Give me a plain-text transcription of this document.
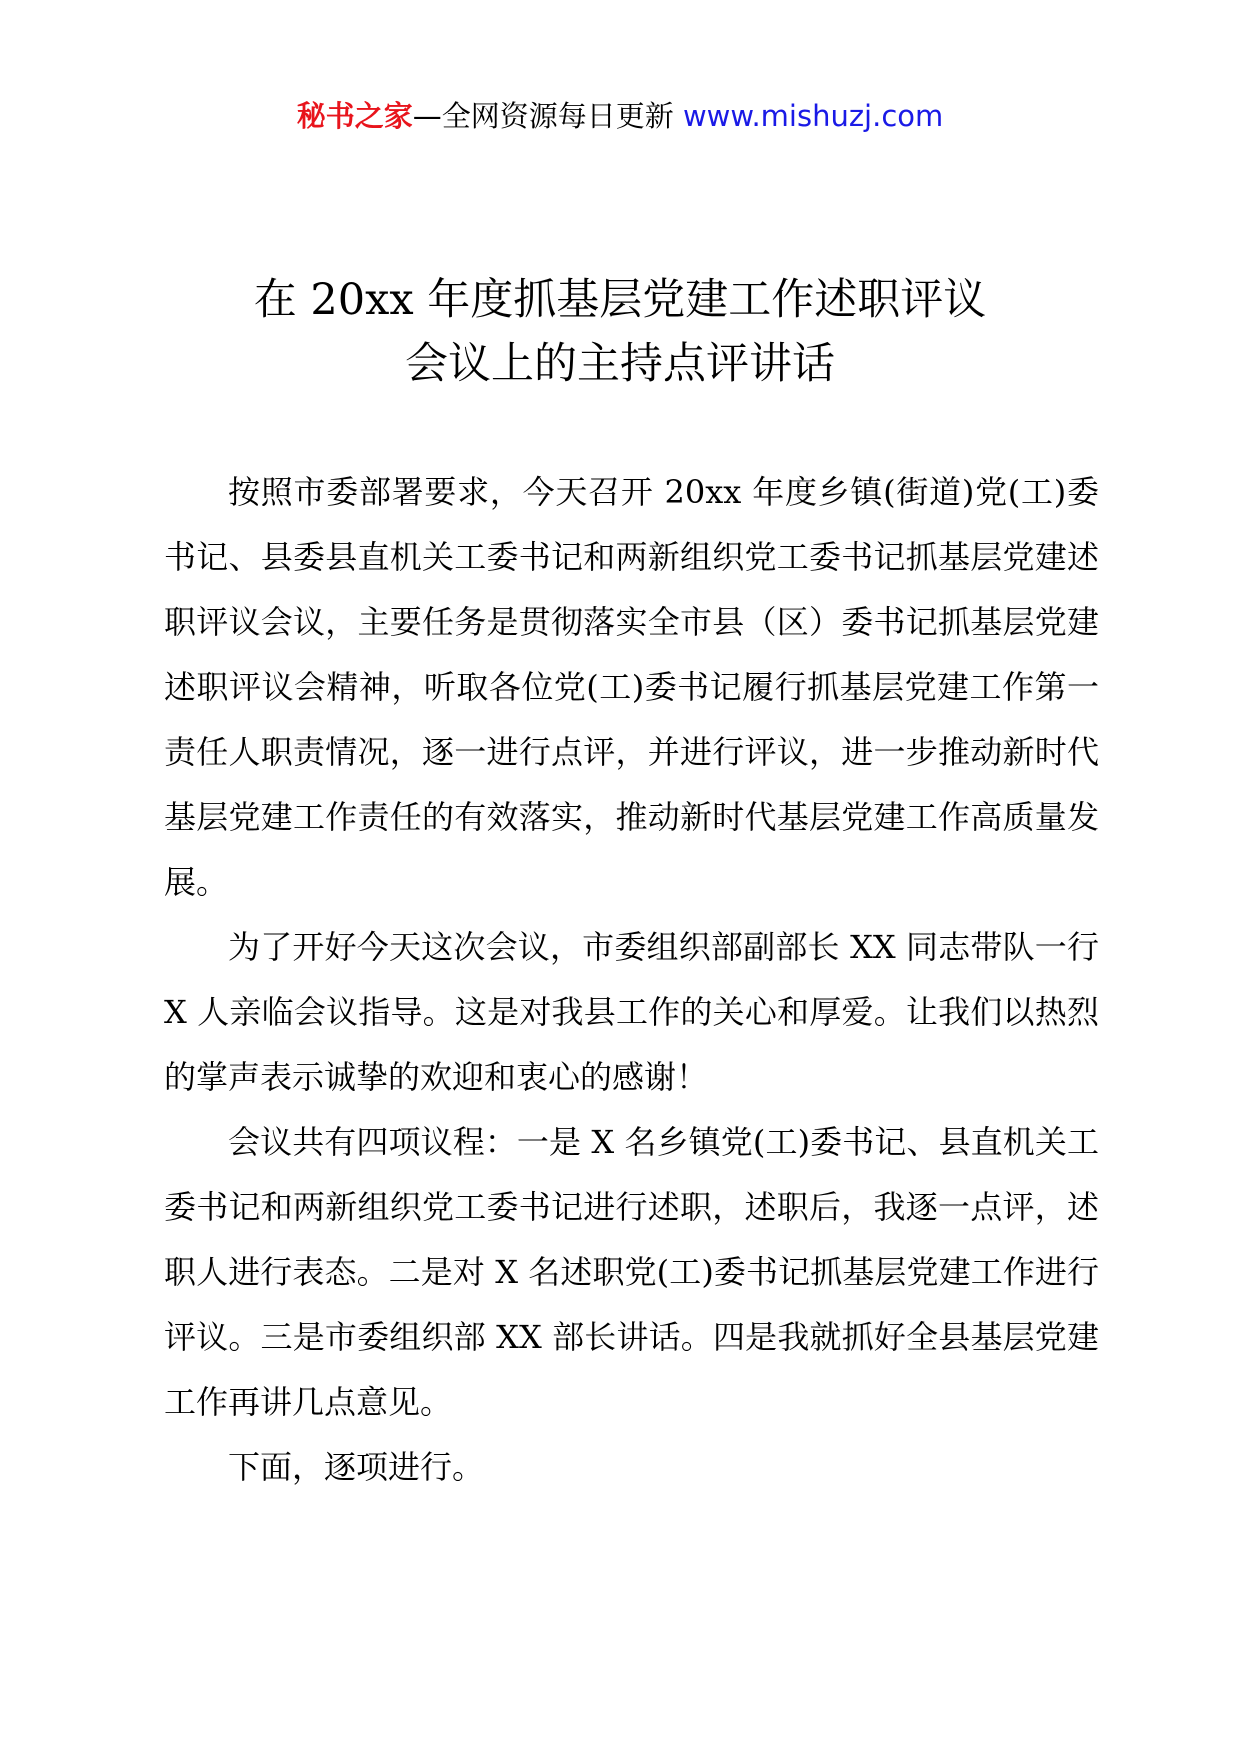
秘书之家—全网资源每日更新 www.mishuzj.com
在 20xx 年度抓基层党建工作述职评议
会议上的主持点评讲话

按照市委部署要求，今天召开 20xx 年度乡镇(街道)党(工)委书记、县委县直机关工委书记和两新组织党工委书记抓基层党建述职评议会议，主要任务是贯彻落实全市县（区）委书记抓基层党建述职评议会精神，听取各位党(工)委书记履行抓基层党建工作第一责任人职责情况，逐一进行点评，并进行评议，进一步推动新时代基层党建工作责任的有效落实，推动新时代基层党建工作高质量发展。

为了开好今天这次会议，市委组织部副部长 XX 同志带队一行 X 人亲临会议指导。这是对我县工作的关心和厚爱。让我们以热烈的掌声表示诚挚的欢迎和衷心的感谢！

会议共有四项议程：一是 X 名乡镇党(工)委书记、县直机关工委书记和两新组织党工委书记进行述职，述职后，我逐一点评，述职人进行表态。二是对 X 名述职党(工)委书记抓基层党建工作进行评议。三是市委组织部 XX 部长讲话。四是我就抓好全县基层党建工作再讲几点意见。

下面，逐项进行。
